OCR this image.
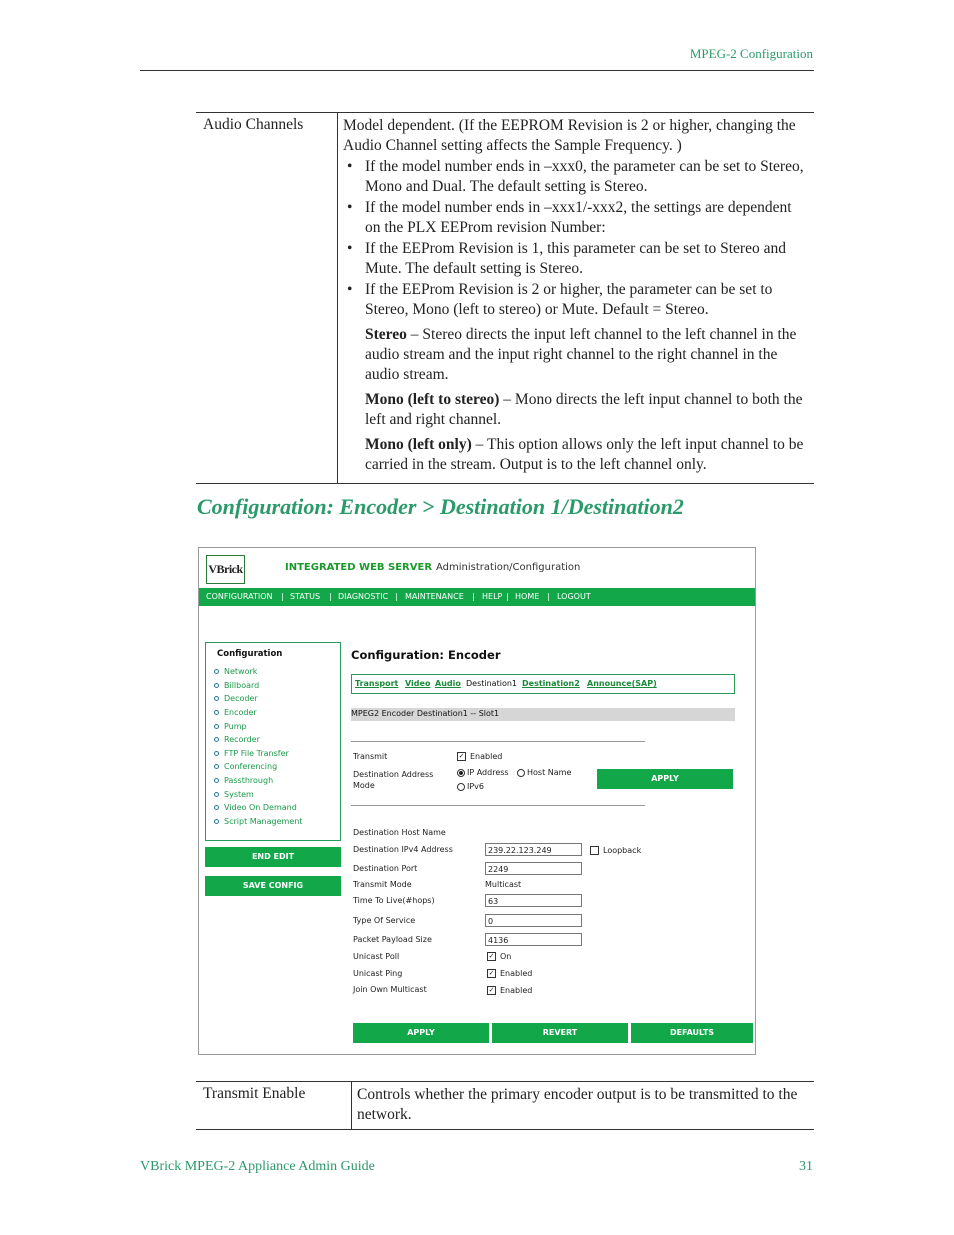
MPEG-2 Configuration
Audio Channels	Model dependent. (If the EEPROM Revision is 2 or higher, changing the Audio Channel setting affects the Sample Frequency. )

• If the model number ends in –xxx0, the parameter can be set to Stereo, Mono and Dual. The default setting is Stereo.
• If the model number ends in –xxx1/-xxx2, the settings are dependent on the PLX EEProm revision Number:
• If the EEProm Revision is 1, this parameter can be set to Stereo and Mute. The default setting is Stereo.
• If the EEProm Revision is 2 or higher, the parameter can be set to Stereo, Mono (left to stereo) or Mute. Default = Stereo.

Stereo – Stereo directs the input left channel to the left channel in the audio stream and the input right channel to the right channel in the audio stream.

Mono (left to stereo) – Mono directs the left input channel to both the left and right channel.

Mono (left only) – This option allows only the left input channel to be carried in the stream. Output is to the left channel only.

Configuration: Encoder > Destination 1/Destination2
VBrick	INTEGRATED WEB SERVER Administration/Configuration
CONFIGURATION | STATUS | DIAGNOSTIC | MAINTENANCE | HELP | HOME | LOGOUT
Configuration
Network
Billboard
Decoder
Encoder
Pump
Recorder
FTP File Transfer
Conferencing
Passthrough
System
Video On Demand
Script Management
END EDIT
SAVE CONFIG
Configuration: Encoder
Transport Video Audio Destination1 Destination2 Announce(SAP)
MPEG2 Encoder Destination1 -- Slot1
Transmit	✓ Enabled
Destination Address Mode
IP Address	Host Name
IPv6
APPLY
Destination Host Name
Destination IPv4 Address	239.22.123.249	Loopback
Destination Port	2249
Transmit Mode	Multicast
Time To Live(#hops)	63
Type Of Service	0
Packet Payload Size	4136
Unicast Poll	✓ On
Unicast Ping	✓ Enabled
Join Own Multicast	✓ Enabled
APPLY	REVERT	DEFAULTS
Transmit Enable	Controls whether the primary encoder output is to be transmitted to the network.
VBrick MPEG-2 Appliance Admin Guide	31
